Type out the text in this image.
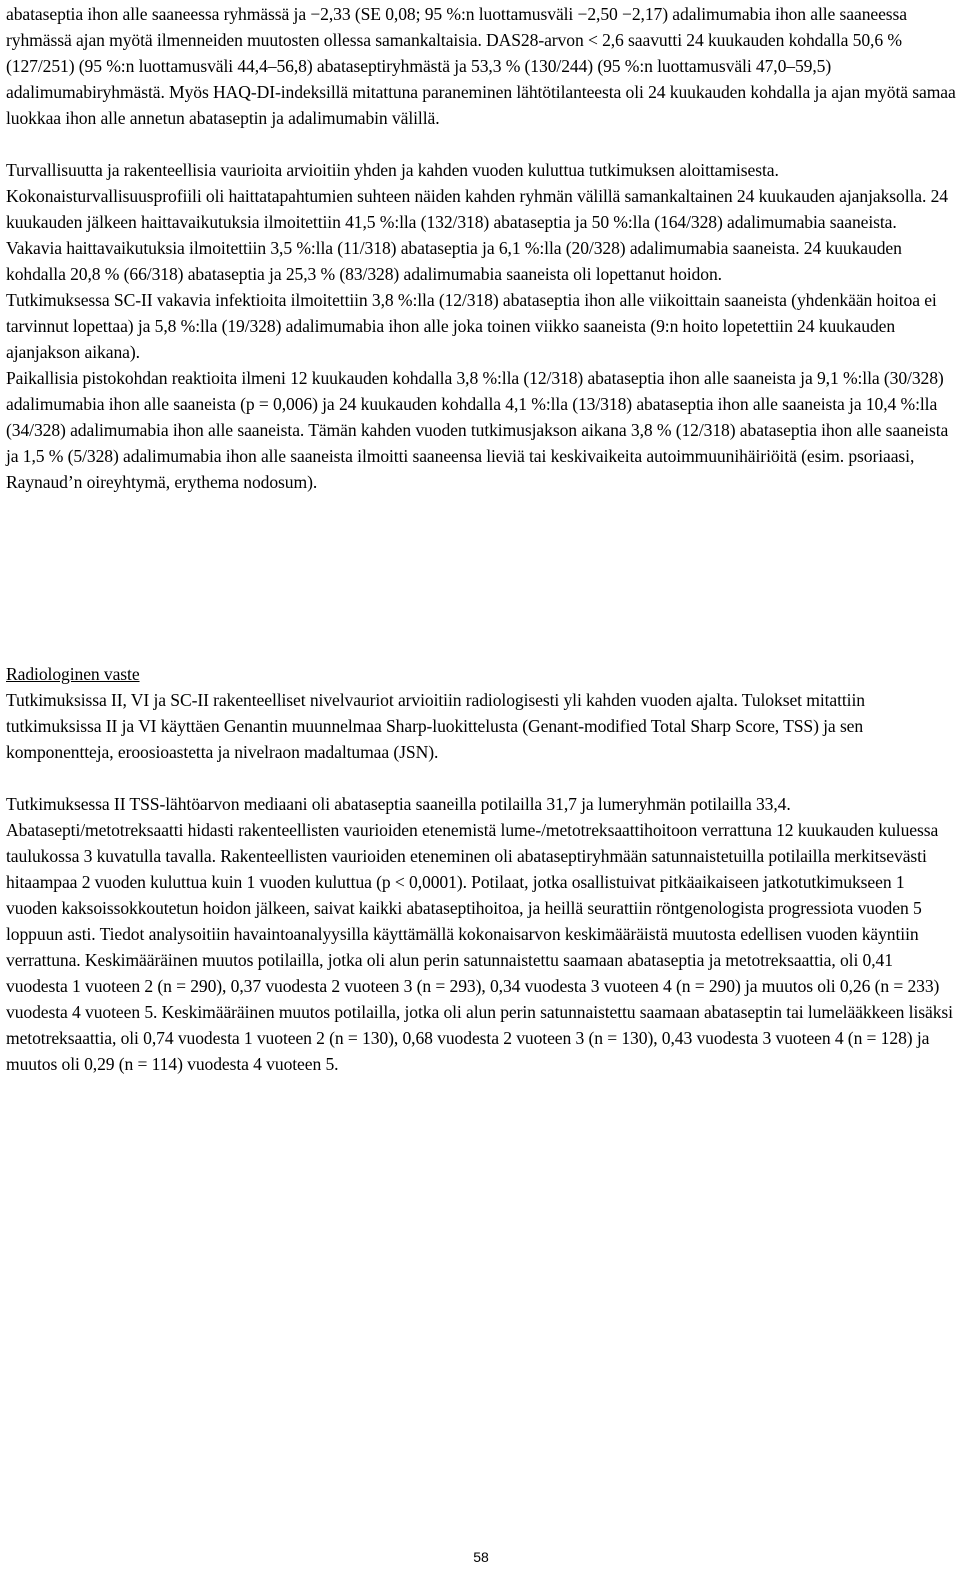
abataseptia ihon alle saaneessa ryhmässä ja −2,33 (SE 0,08; 95 %:n luottamusväli −2,50 −2,17) adalimumabia ihon alle saaneessa ryhmässä ajan myötä ilmenneiden muutosten ollessa samankaltaisia. DAS28-arvon < 2,6 saavutti 24 kuukauden kohdalla 50,6 % (127/251) (95 %:n luottamusväli 44,4–56,8) abataseptiryhmästä ja 53,3 % (130/244) (95 %:n luottamusväli 47,0–59,5) adalimumabiryhmästä. Myös HAQ-DI-indeksillä mitattuna paraneminen lähtötilanteesta oli 24 kuukauden kohdalla ja ajan myötä samaa luokkaa ihon alle annetun abataseptin ja adalimumabin välillä.

Turvallisuutta ja rakenteellisia vaurioita arvioitiin yhden ja kahden vuoden kuluttua tutkimuksen aloittamisesta. Kokonaisturvallisuusprofiili oli haittatapahtumien suhteen näiden kahden ryhmän välillä samankaltainen 24 kuukauden ajanjaksolla. 24 kuukauden jälkeen haittavaikutuksia ilmoitettiin 41,5 %:lla (132/318) abataseptia ja 50 %:lla (164/328) adalimumabia saaneista. Vakavia haittavaikutuksia ilmoitettiin 3,5 %:lla (11/318) abataseptia ja 6,1 %:lla (20/328) adalimumabia saaneista. 24 kuukauden kohdalla 20,8 % (66/318) abataseptia ja 25,3 % (83/328) adalimumabia saaneista oli lopettanut hoidon.

Tutkimuksessa SC-II vakavia infektioita ilmoitettiin 3,8 %:lla (12/318) abataseptia ihon alle viikoittain saaneista (yhdenkään hoitoa ei tarvinnut lopettaa) ja 5,8 %:lla (19/328) adalimumabia ihon alle joka toinen viikko saaneista (9:n hoito lopetettiin 24 kuukauden ajanjakson aikana).

Paikallisia pistokohdan reaktioita ilmeni 12 kuukauden kohdalla 3,8 %:lla (12/318) abataseptia ihon alle saaneista ja 9,1 %:lla (30/328) adalimumabia ihon alle saaneista (p = 0,006) ja 24 kuukauden kohdalla 4,1 %:lla (13/318) abataseptia ihon alle saaneista ja 10,4 %:lla (34/328) adalimumabia ihon alle saaneista. Tämän kahden vuoden tutkimusjakson aikana 3,8 % (12/318) abataseptia ihon alle saaneista ja 1,5 % (5/328) adalimumabia ihon alle saaneista ilmoitti saaneensa lieviä tai keskivaikeita autoimmuunihäiriöitä (esim. psoriaasi, Raynaud’n oireyhtymä, erythema nodosum).

Radiologinen vaste

Tutkimuksissa II, VI ja SC-II rakenteelliset nivelvauriot arvioitiin radiologisesti yli kahden vuoden ajalta. Tulokset mitattiin tutkimuksissa II ja VI käyttäen Genantin muunnelmaa Sharp-luokittelusta (Genant-modified Total Sharp Score, TSS) ja sen komponentteja, eroosioastetta ja nivelraon madaltumaa (JSN).

Tutkimuksessa II TSS-lähtöarvon mediaani oli abataseptia saaneilla potilailla 31,7 ja lumeryhmän potilailla 33,4. Abatasepti/metotreksaatti hidasti rakenteellisten vaurioiden etenemistä lume-/metotreksaattihoitoon verrattuna 12 kuukauden kuluessa taulukossa 3 kuvatulla tavalla. Rakenteellisten vaurioiden eteneminen oli abataseptiryhmään satunnaistetuilla potilailla merkitsevästi hitaampaa 2 vuoden kuluttua kuin 1 vuoden kuluttua (p < 0,0001). Potilaat, jotka osallistuivat pitkäaikaiseen jatkotutkimukseen 1 vuoden kaksoissokkoutetun hoidon jälkeen, saivat kaikki abataseptihoitoa, ja heillä seurattiin röntgenologista progressiota vuoden 5 loppuun asti. Tiedot analysoitiin havaintoanalyysilla käyttämällä kokonaisarvon keskimääräistä muutosta edellisen vuoden käyntiin verrattuna. Keskimääräinen muutos potilailla, jotka oli alun perin satunnaistettu saamaan abataseptia ja metotreksaattia, oli 0,41 vuodesta 1 vuoteen 2 (n = 290), 0,37 vuodesta 2 vuoteen 3 (n = 293), 0,34 vuodesta 3 vuoteen 4 (n = 290) ja muutos oli 0,26 (n = 233) vuodesta 4 vuoteen 5. Keskimääräinen muutos potilailla, jotka oli alun perin satunnaistettu saamaan abataseptin tai lumelääkkeen lisäksi metotreksaattia, oli 0,74 vuodesta 1 vuoteen 2 (n = 130), 0,68 vuodesta 2 vuoteen 3 (n = 130), 0,43 vuodesta 3 vuoteen 4 (n = 128) ja muutos oli 0,29 (n = 114) vuodesta 4 vuoteen 5.

58
